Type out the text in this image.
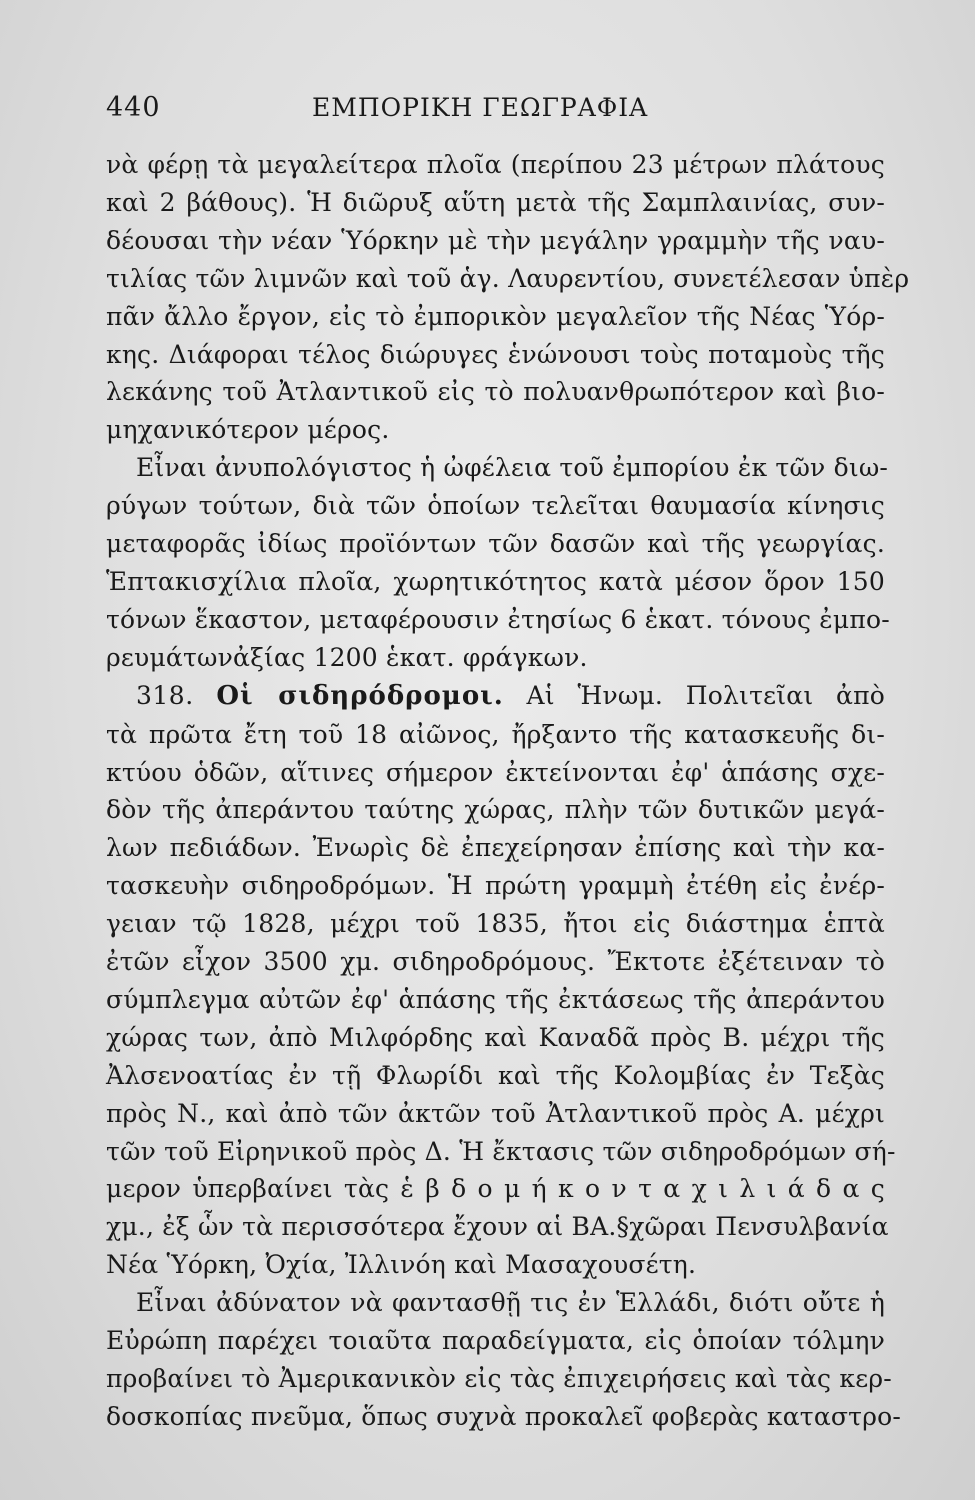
440	ΕΜΠΟΡΙΚΗ ΓΕΩΓΡΑΦΙΑ
νὰ φέρῃ τὰ μεγαλείτερα πλοῖα (περίπου 23 μέτρων πλάτους
καὶ 2 βάθους). Ἡ διῶρυξ αὕτη μετὰ τῆς Σαμπλαινίας, συν-
δέουσαι τὴν νέαν Ὑόρκην μὲ τὴν μεγάλην γραμμὴν τῆς ναυ-
τιλίας τῶν λιμνῶν καὶ τοῦ ἁγ. Λαυρεντίου, συνετέλεσαν ὑπὲρ
πᾶν ἄλλο ἔργον, εἰς τὸ ἐμπορικὸν μεγαλεῖον τῆς Νέας Ὑόρ-
κης. Διάφοραι τέλος διώρυγες ἑνώνουσι τοὺς ποταμοὺς τῆς
λεκάνης τοῦ Ἀτλαντικοῦ εἰς τὸ πολυανθρωπότερον καὶ βιο-
μηχανικότερον μέρος.
Εἶναι ἀνυπολόγιστος ἡ ὠφέλεια τοῦ ἐμπορίου ἐκ τῶν διω-
ρύγων τούτων, διὰ τῶν ὁποίων τελεῖται θαυμασία κίνησις
μεταφορᾶς ἰδίως προϊόντων τῶν δασῶν καὶ τῆς γεωργίας.
Ἑπτακισχίλια πλοῖα, χωρητικότητος κατὰ μέσον ὅρον 150
τόνων ἕκαστον, μεταφέρουσιν ἐτησίως 6 ἑκατ. τόνους ἐμπο-
ρευμάτωνἀξίας 1200 ἑκατ. φράγκων.
318. Οἱ σιδηρόδρομοι. Αἱ Ἡνωμ. Πολιτεῖαι ἀπὸ
τὰ πρῶτα ἔτη τοῦ 18 αἰῶνος, ἤρξαντο τῆς κατασκευῆς δι-
κτύου ὁδῶν, αἵτινες σήμερον ἐκτείνονται ἐφ' ἁπάσης σχε-
δὸν τῆς ἀπεράντου ταύτης χώρας, πλὴν τῶν δυτικῶν μεγά-
λων πεδιάδων. Ἐνωρὶς δὲ ἐπεχείρησαν ἐπίσης καὶ τὴν κα-
τασκευὴν σιδηροδρόμων. Ἡ πρώτη γραμμὴ ἐτέθη εἰς ἐνέρ-
γειαν τῷ 1828, μέχρι τοῦ 1835, ἤτοι εἰς διάστημα ἑπτὰ
ἐτῶν εἶχον 3500 χμ. σιδηροδρόμους. Ἔκτοτε ἐξέτειναν τὸ
σύμπλεγμα αὐτῶν ἐφ' ἁπάσης τῆς ἐκτάσεως τῆς ἀπεράντου
χώρας των, ἀπὸ Μιλφόρδης καὶ Καναδᾶ πρὸς Β. μέχρι τῆς
Ἀλσενοατίας ἐν τῇ Φλωρίδι καὶ τῆς Κολομβίας ἐν Τεξὰς
πρὸς Ν., καὶ ἀπὸ τῶν ἀκτῶν τοῦ Ἀτλαντικοῦ πρὸς Α. μέχρι
τῶν τοῦ Εἰρηνικοῦ πρὸς Δ. Ἡ ἔκτασις τῶν σιδηροδρόμων σή-
μερον ὑπερβαίνει τὰς ἑ β δ ο μ ή κ ο ν τ α χ ι λ ι ά δ α ς
χμ., ἐξ ὧν τὰ περισσότερα ἔχουν αἱ ΒΑ.§χῶραι Πενσυλβανία
Νέα Ὑόρκη, Ὀχία, Ἰλλινόη καὶ Μασαχουσέτη.
Εἶναι ἀδύνατον νὰ φαντασθῇ τις ἐν Ἑλλάδι, διότι οὔτε ἡ
Εὐρώπη παρέχει τοιαῦτα παραδείγματα, εἰς ὁποίαν τόλμην
προβαίνει τὸ Ἀμερικανικὸν εἰς τὰς ἐπιχειρήσεις καὶ τὰς κερ-
δοσκοπίας πνεῦμα, ὅπως συχνὰ προκαλεῖ φοβερὰς καταστρο-
